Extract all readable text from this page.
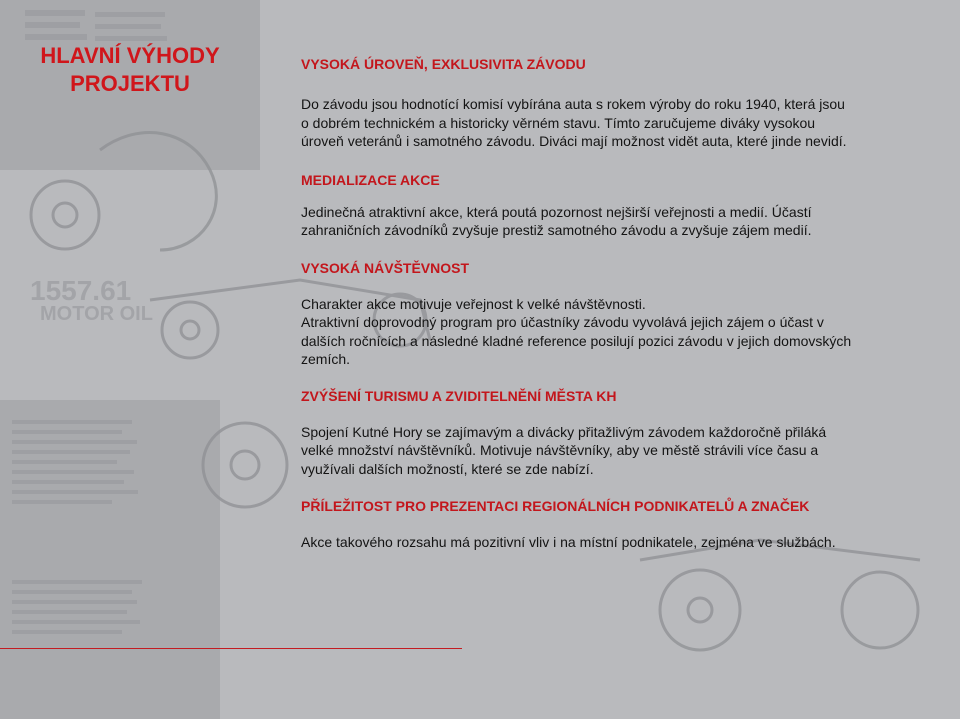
1557.61
MOTOR OIL
HLAVNÍ VÝHODY
PROJEKTU
VYSOKÁ ÚROVEŇ, EXKLUSIVITA ZÁVODU

Do závodu jsou hodnotící komisí vybírána auta s rokem výroby do roku 1940, která jsou
o dobrém technickém a historicky věrném stavu. Tímto zaručujeme diváky vysokou
úroveň veteránů i samotného závodu. Diváci mají možnost vidět auta, které jinde nevidí.

MEDIALIZACE AKCE

Jedinečná atraktivní akce, která poutá pozornost nejširší veřejnosti a medií. Účastí
zahraničních závodníků zvyšuje prestiž samotného závodu a zvyšuje zájem medií.

VYSOKÁ NÁVŠTĚVNOST

Charakter akce motivuje veřejnost k velké návštěvnosti.
Atraktivní doprovodný program pro účastníky závodu vyvolává jejich zájem o účast v
dalších ročnících a následné kladné reference posilují pozici závodu v jejich domovských
zemích.

ZVÝŠENÍ TURISMU A ZVIDITELNĚNÍ MĚSTA KH

Spojení Kutné Hory se zajímavým a divácky přitažlivým závodem každoročně přiláká
velké množství návštěvníků. Motivuje návštěvníky, aby ve městě strávili více času a
využívali dalších možností, které se zde nabízí.

PŘÍLEŽITOST PRO PREZENTACI REGIONÁLNÍCH PODNIKATELŮ A ZNAČEK

Akce takového rozsahu má pozitivní vliv i na místní podnikatele, zejména ve službách.
